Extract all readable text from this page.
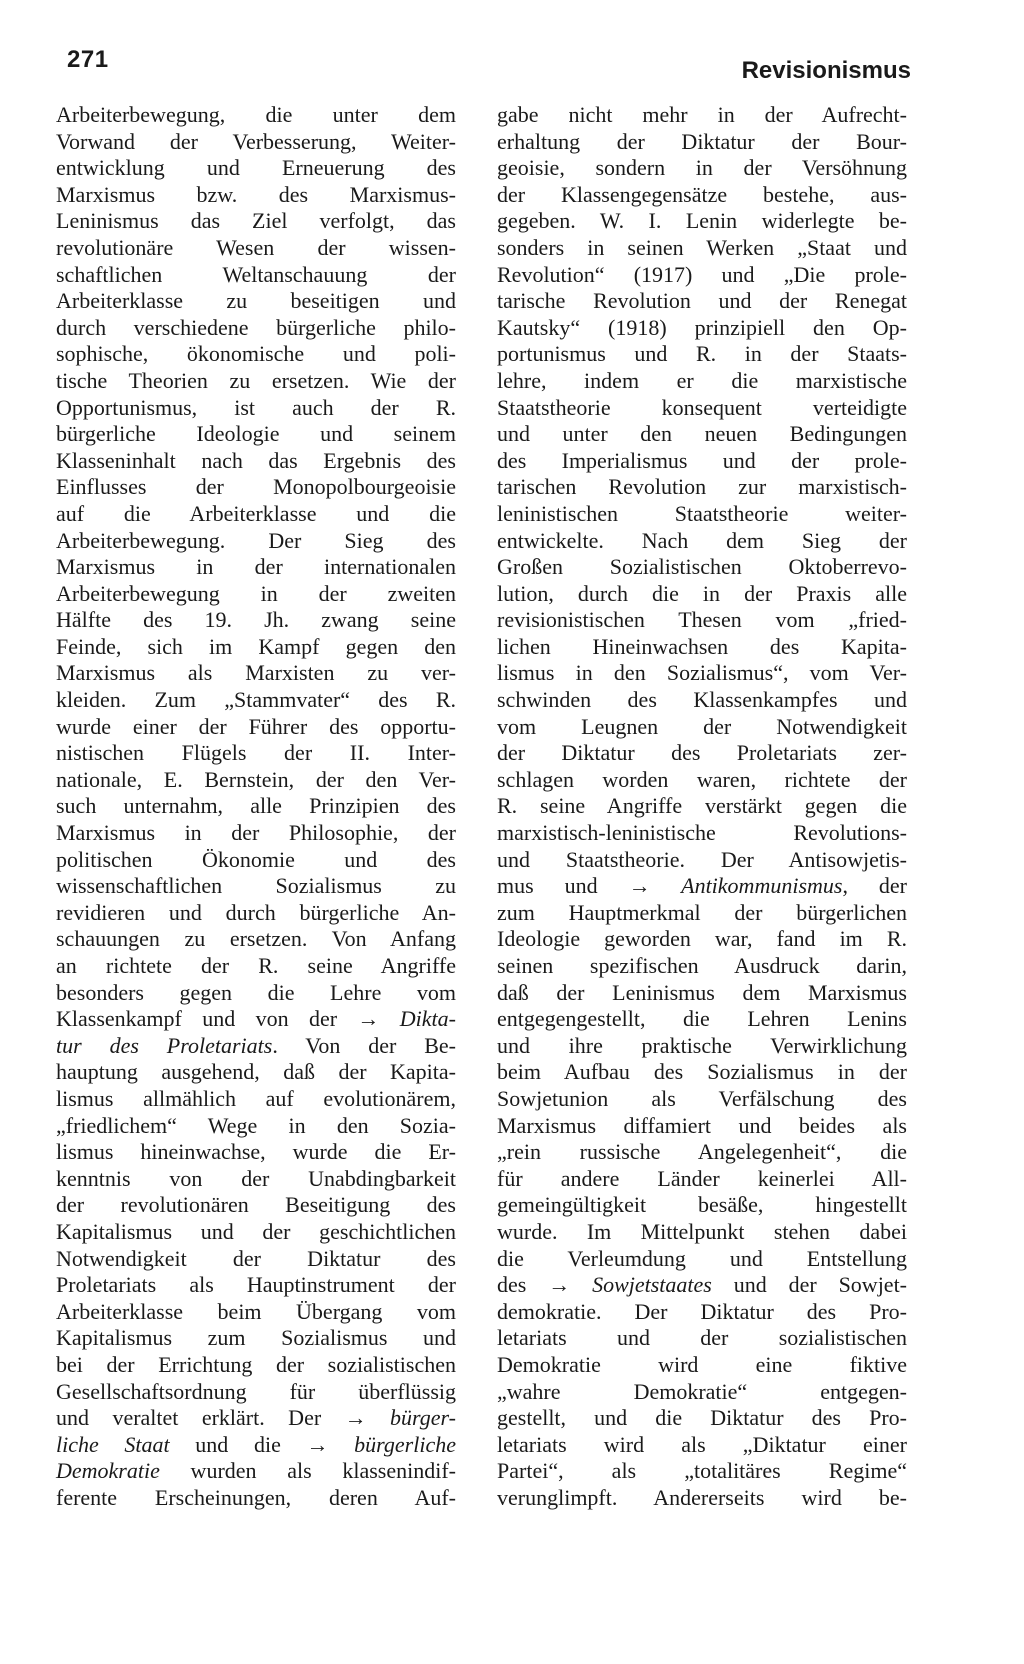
271	Revisionismus
Arbeiterbewegung, die unter dem
Vorwand der Verbesserung, Weiter-
entwicklung und Erneuerung des
Marxismus bzw. des Marxismus-
Leninismus das Ziel verfolgt, das
revolutionäre Wesen der wissen-
schaftlichen Weltanschauung der
Arbeiterklasse zu beseitigen und
durch verschiedene bürgerliche philo-
sophische, ökonomische und poli-
tische Theorien zu ersetzen. Wie der
Opportunismus, ist auch der R.
bürgerliche Ideologie und seinem
Klasseninhalt nach das Ergebnis des
Einflusses der Monopolbourgeoisie
auf die Arbeiterklasse und die
Arbeiterbewegung. Der Sieg des
Marxismus in der internationalen
Arbeiterbewegung in der zweiten
Hälfte des 19. Jh. zwang seine
Feinde, sich im Kampf gegen den
Marxismus als Marxisten zu ver-
kleiden. Zum „Stammvater“ des R.
wurde einer der Führer des opportu-
nistischen Flügels der II. Inter-
nationale, E. Bernstein, der den Ver-
such unternahm, alle Prinzipien des
Marxismus in der Philosophie, der
politischen Ökonomie und des
wissenschaftlichen Sozialismus zu
revidieren und durch bürgerliche An-
schauungen zu ersetzen. Von Anfang
an richtete der R. seine Angriffe
besonders gegen die Lehre vom
Klassenkampf und von der → Dikta-
tur des Proletariats. Von der Be-
hauptung ausgehend, daß der Kapita-
lismus allmählich auf evolutionärem,
„friedlichem“ Wege in den Sozia-
lismus hineinwachse, wurde die Er-
kenntnis von der Unabdingbarkeit
der revolutionären Beseitigung des
Kapitalismus und der geschichtlichen
Notwendigkeit der Diktatur des
Proletariats als Hauptinstrument der
Arbeiterklasse beim Übergang vom
Kapitalismus zum Sozialismus und
bei der Errichtung der sozialistischen
Gesellschaftsordnung für überflüssig
und veraltet erklärt. Der → bürger-
liche Staat und die → bürgerliche
Demokratie wurden als klassenindif-
ferente Erscheinungen, deren Auf-
gabe nicht mehr in der Aufrecht-
erhaltung der Diktatur der Bour-
geoisie, sondern in der Versöhnung
der Klassengegensätze bestehe, aus-
gegeben. W. I. Lenin widerlegte be-
sonders in seinen Werken „Staat und
Revolution“ (1917) und „Die prole-
tarische Revolution und der Renegat
Kautsky“ (1918) prinzipiell den Op-
portunismus und R. in der Staats-
lehre, indem er die marxistische
Staatstheorie konsequent verteidigte
und unter den neuen Bedingungen
des Imperialismus und der prole-
tarischen Revolution zur marxistisch-
leninistischen Staatstheorie weiter-
entwickelte. Nach dem Sieg der
Großen Sozialistischen Oktoberrevo-
lution, durch die in der Praxis alle
revisionistischen Thesen vom „fried-
lichen Hineinwachsen des Kapita-
lismus in den Sozialismus“, vom Ver-
schwinden des Klassenkampfes und
vom Leugnen der Notwendigkeit
der Diktatur des Proletariats zer-
schlagen worden waren, richtete der
R. seine Angriffe verstärkt gegen die
marxistisch-leninistische Revolutions-
und Staatstheorie. Der Antisowjetis-
mus und → Antikommunismus, der
zum Hauptmerkmal der bürgerlichen
Ideologie geworden war, fand im R.
seinen spezifischen Ausdruck darin,
daß der Leninismus dem Marxismus
entgegengestellt, die Lehren Lenins
und ihre praktische Verwirklichung
beim Aufbau des Sozialismus in der
Sowjetunion als Verfälschung des
Marxismus diffamiert und beides als
„rein russische Angelegenheit“, die
für andere Länder keinerlei All-
gemeingültigkeit besäße, hingestellt
wurde. Im Mittelpunkt stehen dabei
die Verleumdung und Entstellung
des → Sowjetstaates und der Sowjet-
demokratie. Der Diktatur des Pro-
letariats und der sozialistischen
Demokratie wird eine fiktive
„wahre Demokratie“ entgegen-
gestellt, und die Diktatur des Pro-
letariats wird als „Diktatur einer
Partei“, als „totalitäres Regime“
verunglimpft. Andererseits wird be-
